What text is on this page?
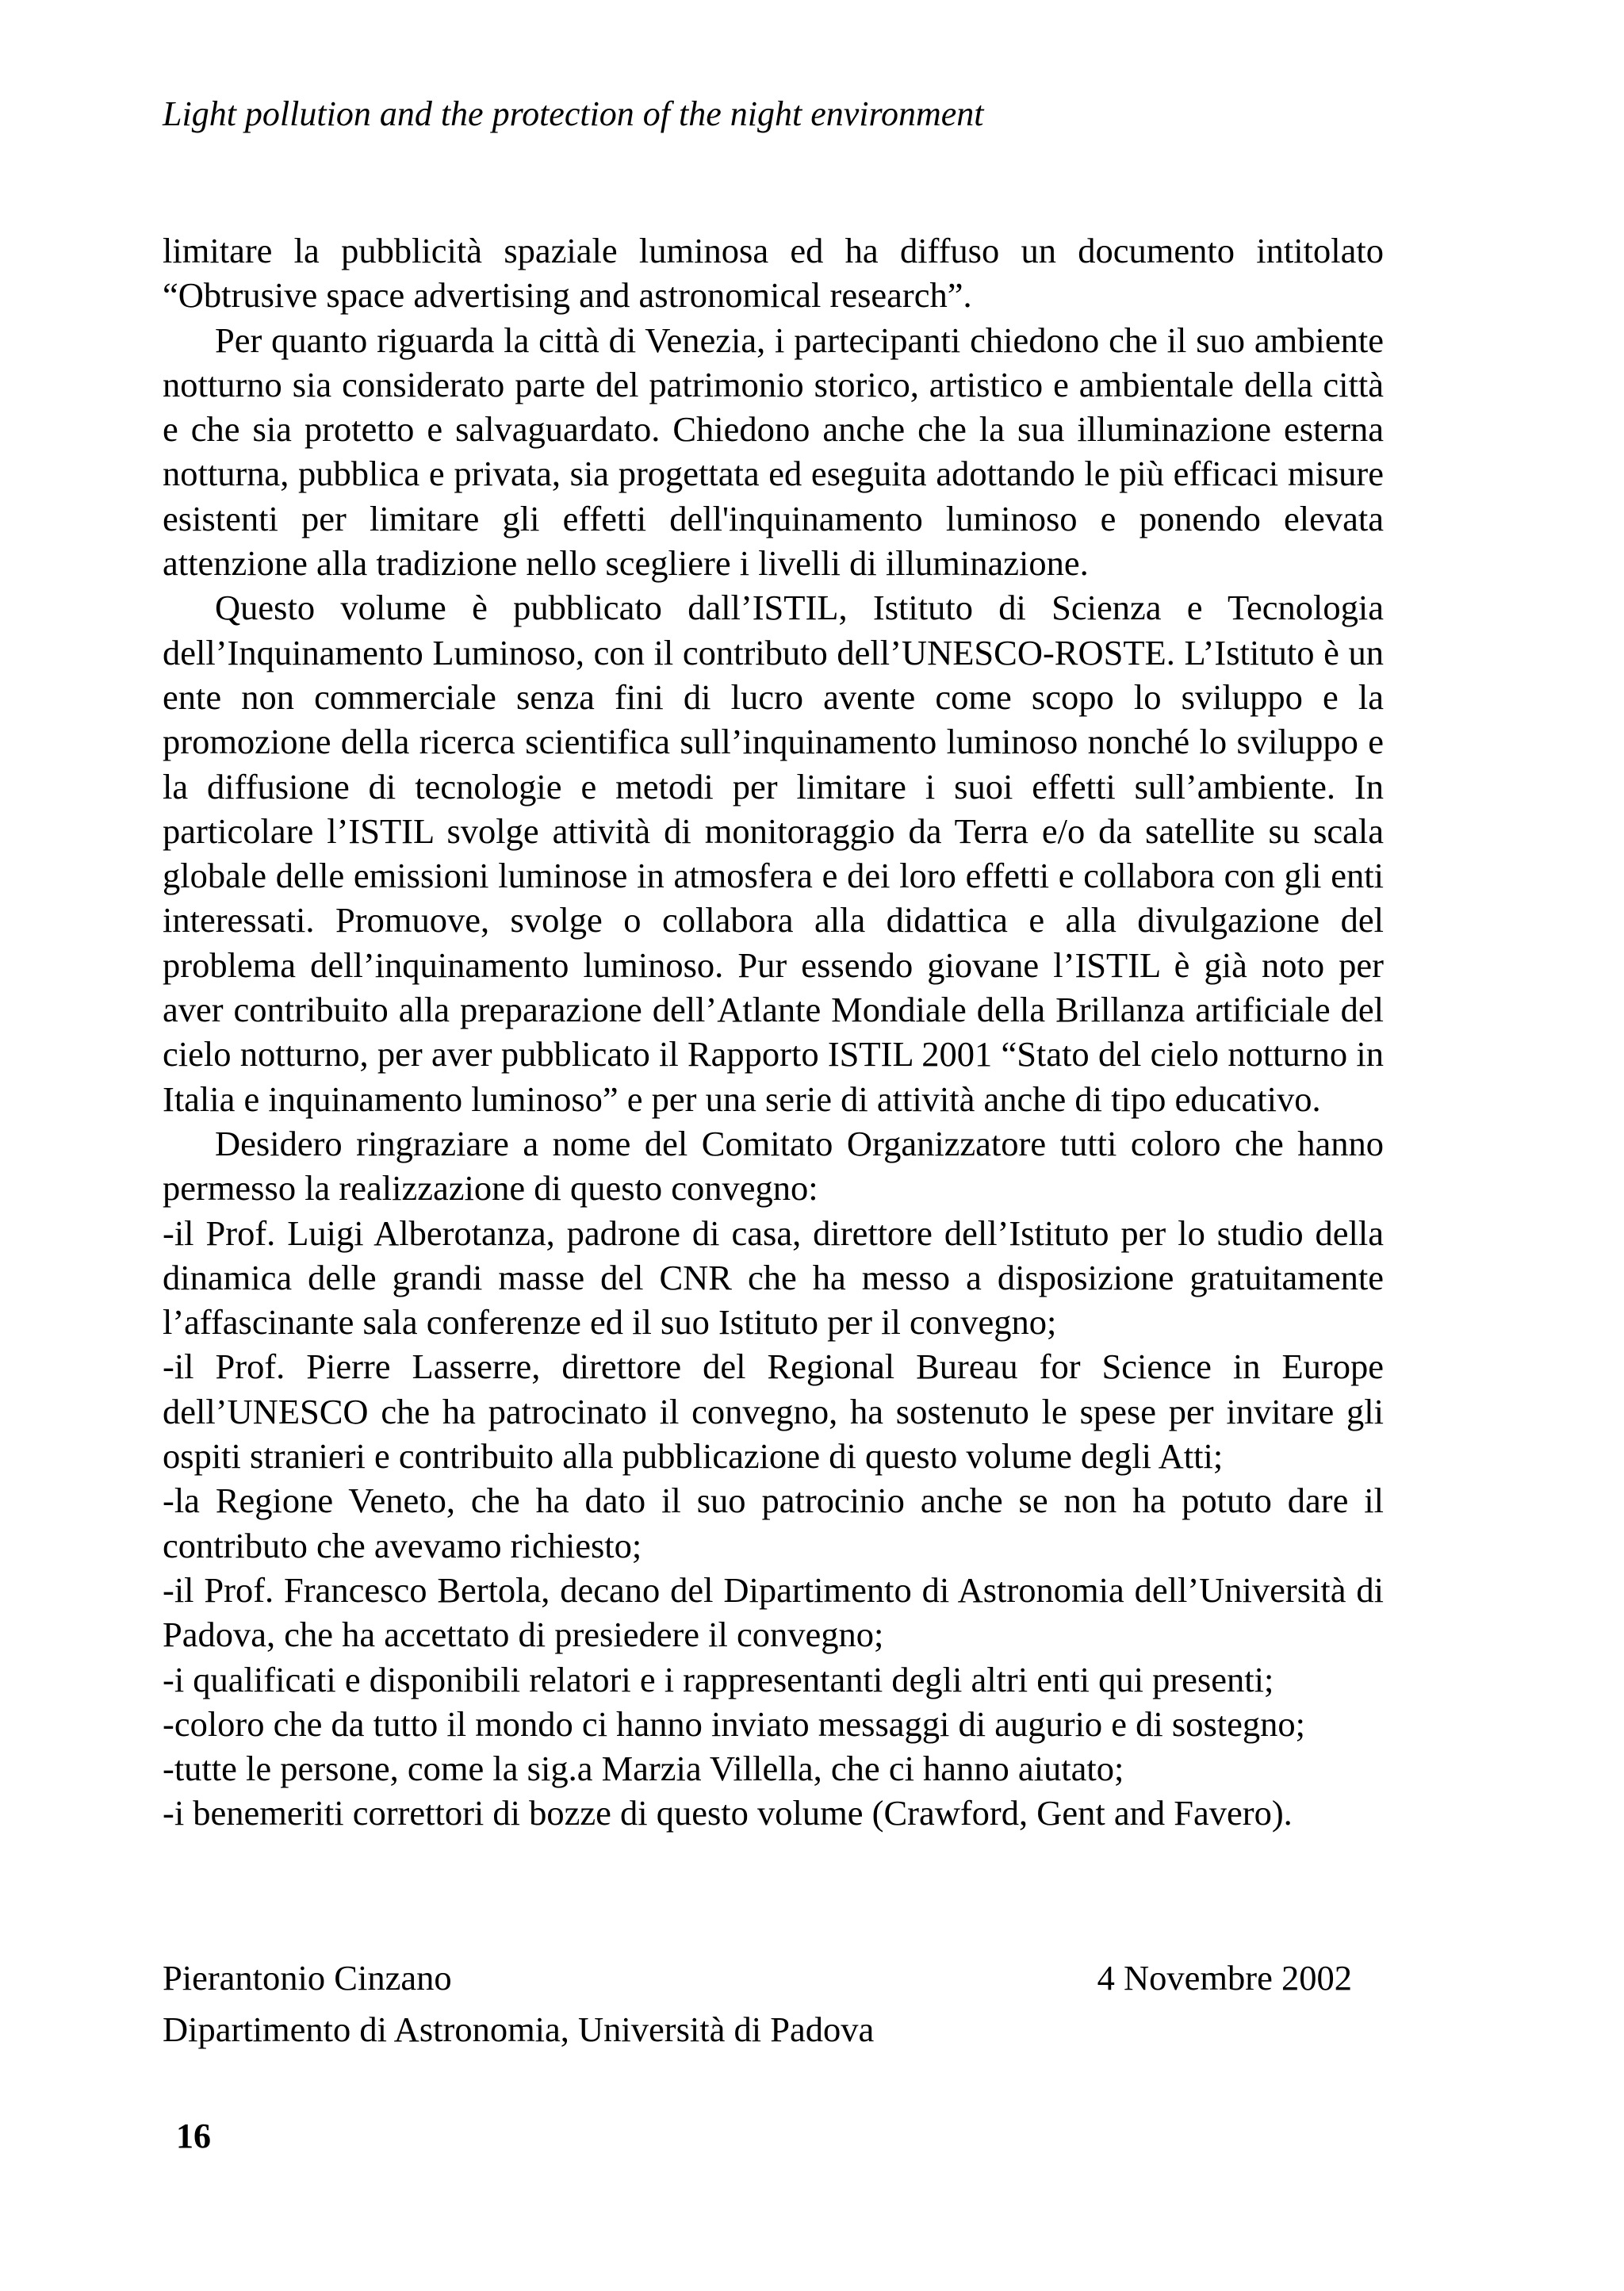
Light pollution and the protection of the night environment

limitare la pubblicità spaziale luminosa ed ha diffuso un documento intitolato “Obtrusive space advertising and astronomical research”.

Per quanto riguarda la città di Venezia, i partecipanti chiedono che il suo ambiente notturno sia considerato parte del patrimonio storico, artistico e ambientale della città e che sia protetto e salvaguardato. Chiedono anche che la sua illuminazione esterna notturna, pubblica e privata, sia progettata ed eseguita adottando le più efficaci misure esistenti per limitare gli effetti dell'inquinamento luminoso e ponendo elevata attenzione alla tradizione nello scegliere i livelli di illuminazione.

Questo volume è pubblicato dall’ISTIL, Istituto di Scienza e Tecnologia dell’Inquinamento Luminoso, con il contributo dell’UNESCO-ROSTE. L’Istituto è un ente non commerciale senza fini di lucro avente come scopo lo sviluppo e la promozione della ricerca scientifica sull’inquinamento luminoso nonché lo sviluppo e la diffusione di tecnologie e metodi per limitare i suoi effetti sull’ambiente. In particolare l’ISTIL svolge attività di monitoraggio da Terra e/o da satellite su scala globale delle emissioni luminose in atmosfera e dei loro effetti e collabora con gli enti interessati. Promuove, svolge o collabora alla didattica e alla divulgazione del problema dell’inquinamento luminoso. Pur essendo giovane l’ISTIL è già noto per aver contribuito alla preparazione dell’Atlante Mondiale della Brillanza artificiale del cielo notturno, per aver pubblicato il Rapporto ISTIL 2001 “Stato del cielo notturno in Italia e inquinamento luminoso” e per una serie di attività anche di tipo educativo.

Desidero ringraziare a nome del Comitato Organizzatore tutti coloro che hanno permesso la realizzazione di questo convegno:

-il Prof. Luigi Alberotanza, padrone di casa, direttore dell’Istituto per lo studio della dinamica delle grandi masse del CNR che ha messo a disposizione gratuitamente l’affascinante sala conferenze ed il suo Istituto per il convegno;

-il Prof. Pierre Lasserre, direttore del Regional Bureau for Science in Europe dell’UNESCO che ha patrocinato il convegno, ha sostenuto le spese per invitare gli ospiti stranieri e contribuito alla pubblicazione di questo volume degli Atti;

-la Regione Veneto, che ha dato il suo patrocinio anche se non ha potuto dare il contributo che avevamo richiesto;

-il Prof. Francesco Bertola, decano del Dipartimento di Astronomia dell’Università di Padova, che ha accettato di presiedere il convegno;

-i qualificati e disponibili relatori e i rappresentanti degli altri enti qui presenti;

-coloro che da tutto il mondo ci hanno inviato messaggi di augurio e di sostegno;

-tutte le persone, come la sig.a Marzia Villella, che ci hanno aiutato;

-i benemeriti correttori di bozze di questo volume (Crawford, Gent and Favero).

Pierantonio Cinzano	4 Novembre 2002
Dipartimento di Astronomia, Università di Padova
16
